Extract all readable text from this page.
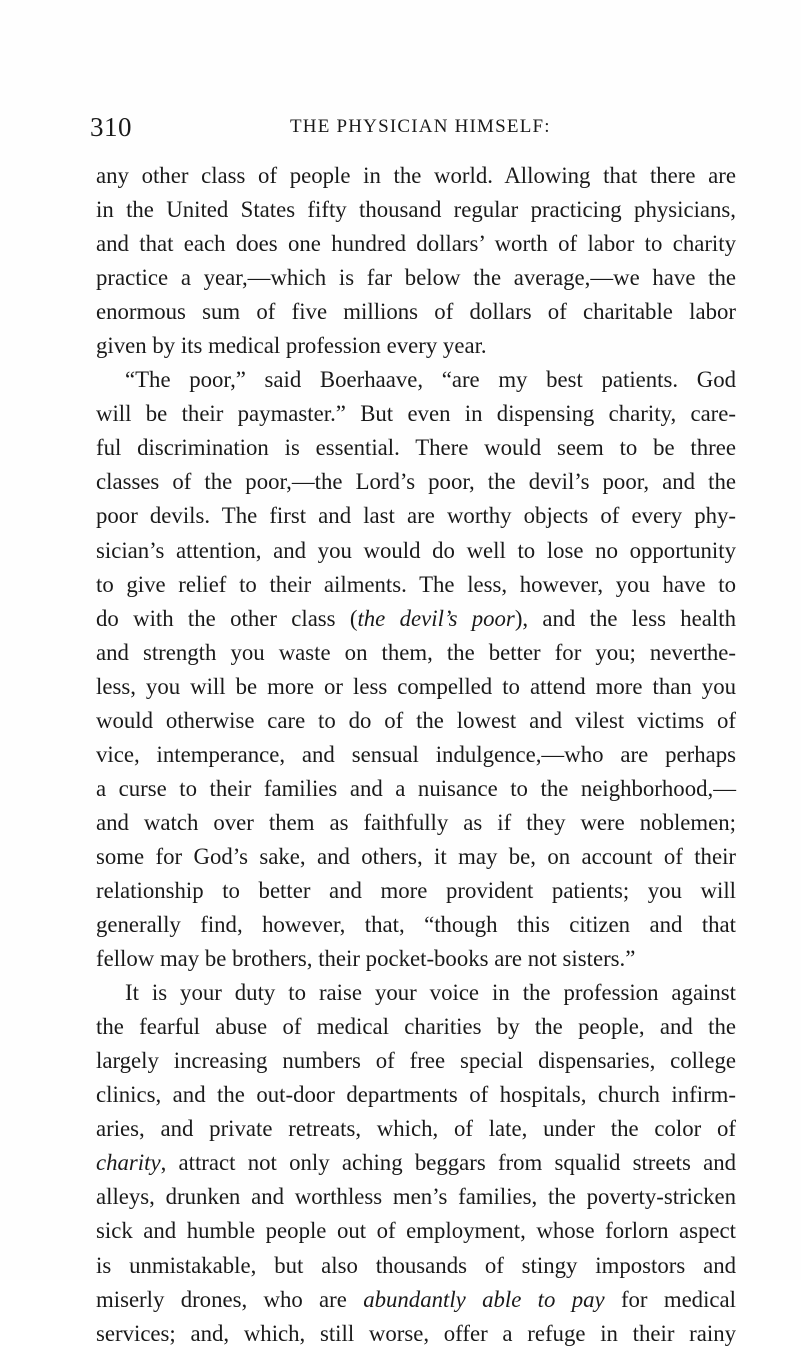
310	THE PHYSICIAN HIMSELF:
any other class of people in the world. Allowing that there are
in the United States fifty thousand regular practicing physicians,
and that each does one hundred dollars’ worth of labor to charity
practice a year,—which is far below the average,—we have the
enormous sum of five millions of dollars of charitable labor
given by its medical profession every year.
“The poor,” said Boerhaave, “are my best patients. God
will be their paymaster.” But even in dispensing charity, care-
ful discrimination is essential. There would seem to be three
classes of the poor,—the Lord’s poor, the devil’s poor, and the
poor devils. The first and last are worthy objects of every phy-
sician’s attention, and you would do well to lose no opportunity
to give relief to their ailments. The less, however, you have to
do with the other class (the devil’s poor), and the less health
and strength you waste on them, the better for you; neverthe-
less, you will be more or less compelled to attend more than you
would otherwise care to do of the lowest and vilest victims of
vice, intemperance, and sensual indulgence,—who are perhaps
a curse to their families and a nuisance to the neighborhood,—
and watch over them as faithfully as if they were noblemen;
some for God’s sake, and others, it may be, on account of their
relationship to better and more provident patients; you will
generally find, however, that, “though this citizen and that
fellow may be brothers, their pocket-books are not sisters.”
It is your duty to raise your voice in the profession against
the fearful abuse of medical charities by the people, and the
largely increasing numbers of free special dispensaries, college
clinics, and the out-door departments of hospitals, church infirm-
aries, and private retreats, which, of late, under the color of
charity, attract not only aching beggars from squalid streets and
alleys, drunken and worthless men’s families, the poverty-stricken
sick and humble people out of employment, whose forlorn aspect
is unmistakable, but also thousands of stingy impostors and
miserly drones, who are abundantly able to pay for medical
services; and, which, still worse, offer a refuge in their rainy
